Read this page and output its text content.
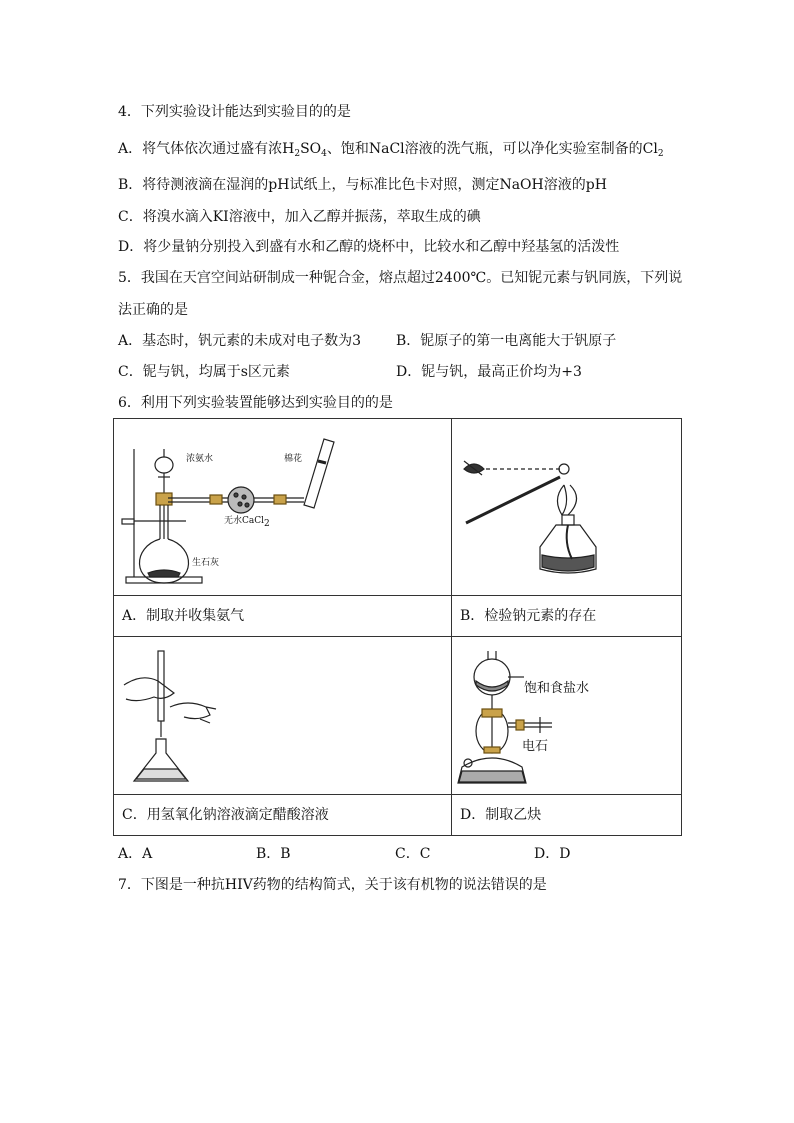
4．下列实验设计能达到实验目的的是
A．将气体依次通过盛有浓$H_2SO_4$、饱和NaCl溶液的洗气瓶，可以净化实验室制备的$Cl_2$
B．将待测液滴在湿润的pH试纸上，与标准比色卡对照，测定NaOH溶液的pH
C．将溴水滴入KI溶液中，加入乙醇并振荡，萃取生成的碘
D．将少量钠分别投入到盛有水和乙醇的烧杯中，比较水和乙醇中羟基氢的活泼性
5．我国在天宫空间站研制成一种铌合金，熔点超过2400℃。已知铌元素与钒同族，下列说
法正确的是
A．基态时，钒元素的未成对电子数为3 B．铌原子的第一电离能大于钒原子
C．铌与钒，均属于s区元素	D．铌与钒，最高正价均为+3
6．利用下列实验装置能够达到实验目的的是
浓氨水 棉花
无水CaCl$_2$
生石灰

A．制取并收集氨气	B．检验钠元素的存在

饱和食盐水
电石

C．用氢氧化钠溶液滴定醋酸溶液	D．制取乙炔
A．A	B．B	C．C	D．D
7．下图是一种抗HIV药物的结构简式，关于该有机物的说法错误的是
